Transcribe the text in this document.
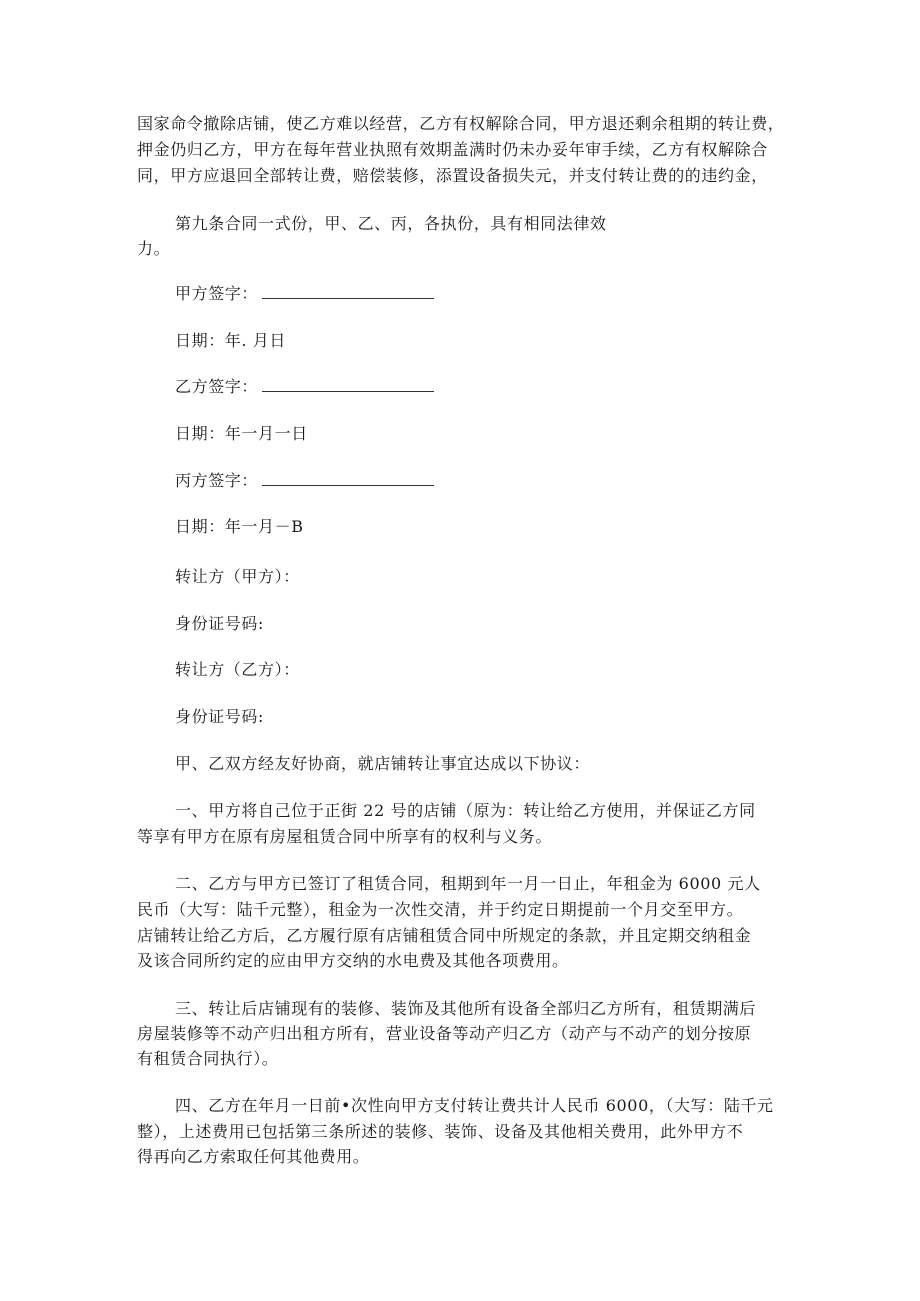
国家命令撤除店铺，使乙方难以经营，乙方有权解除合同，甲方退还剩余租期的转让费，
押金仍归乙方，甲方在每年营业执照有效期盖满时仍未办妥年审手续，乙方有权解除合
同，甲方应退回全部转让费，赔偿装修，添置设备损失元，并支付转让费的的违约金，
第九条合同一式份，甲、乙、丙，各执份，具有相同法律效
力。
甲方签字：
日期：年. 月日
乙方签字：
日期：年一月一日
丙方签字：
日期：年一月－B
转让方（甲方）：
身份证号码:
转让方（乙方）：
身份证号码:
甲、乙双方经友好协商，就店铺转让事宜达成以下协议：
一、甲方将自己位于正街 22 号的店铺（原为：转让给乙方使用，并保证乙方同
等享有甲方在原有房屋租赁合同中所享有的权利与义务。
二、乙方与甲方已签订了租赁合同，租期到年一月一日止，年租金为 6000 元人
民币（大写：陆千元整），租金为一次性交清，并于约定日期提前一个月交至甲方。
店铺转让给乙方后，乙方履行原有店铺租赁合同中所规定的条款，并且定期交纳租金
及该合同所约定的应由甲方交纳的水电费及其他各项费用。
三、转让后店铺现有的装修、装饰及其他所有设备全部归乙方所有，租赁期满后
房屋装修等不动产归出租方所有，营业设备等动产归乙方（动产与不动产的划分按原
有租赁合同执行）。
四、乙方在年月一日前•次性向甲方支付转让费共计人民币 6000，（大写：陆千元
整），上述费用已包括第三条所述的装修、装饰、设备及其他相关费用，此外甲方不
得再向乙方索取任何其他费用。
